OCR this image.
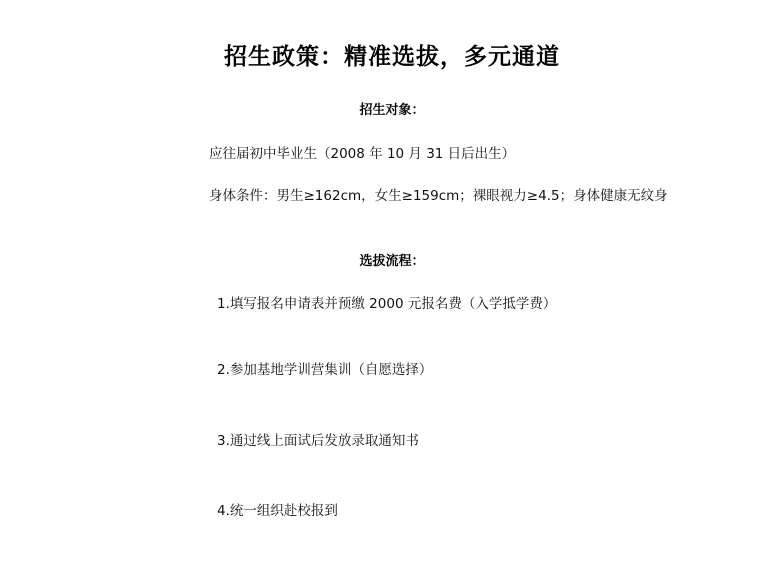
招生政策：精准选拔，多元通道
招生对象：
应往届初中毕业生（2008 年 10 月 31 日后出生）
身体条件：男生≥162cm，女生≥159cm；裸眼视力≥4.5；身体健康无纹身
选拔流程：
1.填写报名申请表并预缴 2000 元报名费（入学抵学费）
2.参加基地学训营集训（自愿选择）
3.通过线上面试后发放录取通知书
4.统一组织赴校报到
